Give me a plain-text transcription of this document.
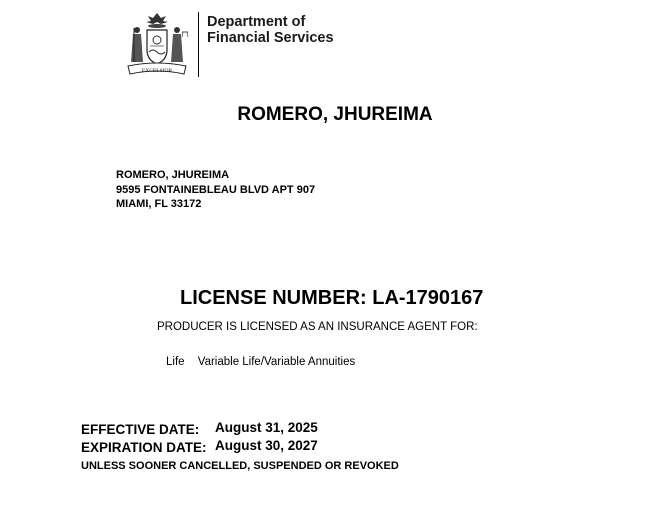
EXCELSIOR
Department of
Financial Services
ROMERO, JHUREIMA
ROMERO, JHUREIMA
9595 FONTAINEBLEAU BLVD APT 907
MIAMI, FL 33172
LICENSE NUMBER: LA-1790167
PRODUCER IS LICENSED AS AN INSURANCE AGENT FOR:
Life Variable Life/Variable Annuities
EFFECTIVE DATE:	August 31, 2025
EXPIRATION DATE: August 30, 2027
UNLESS SOONER CANCELLED, SUSPENDED OR REVOKED
